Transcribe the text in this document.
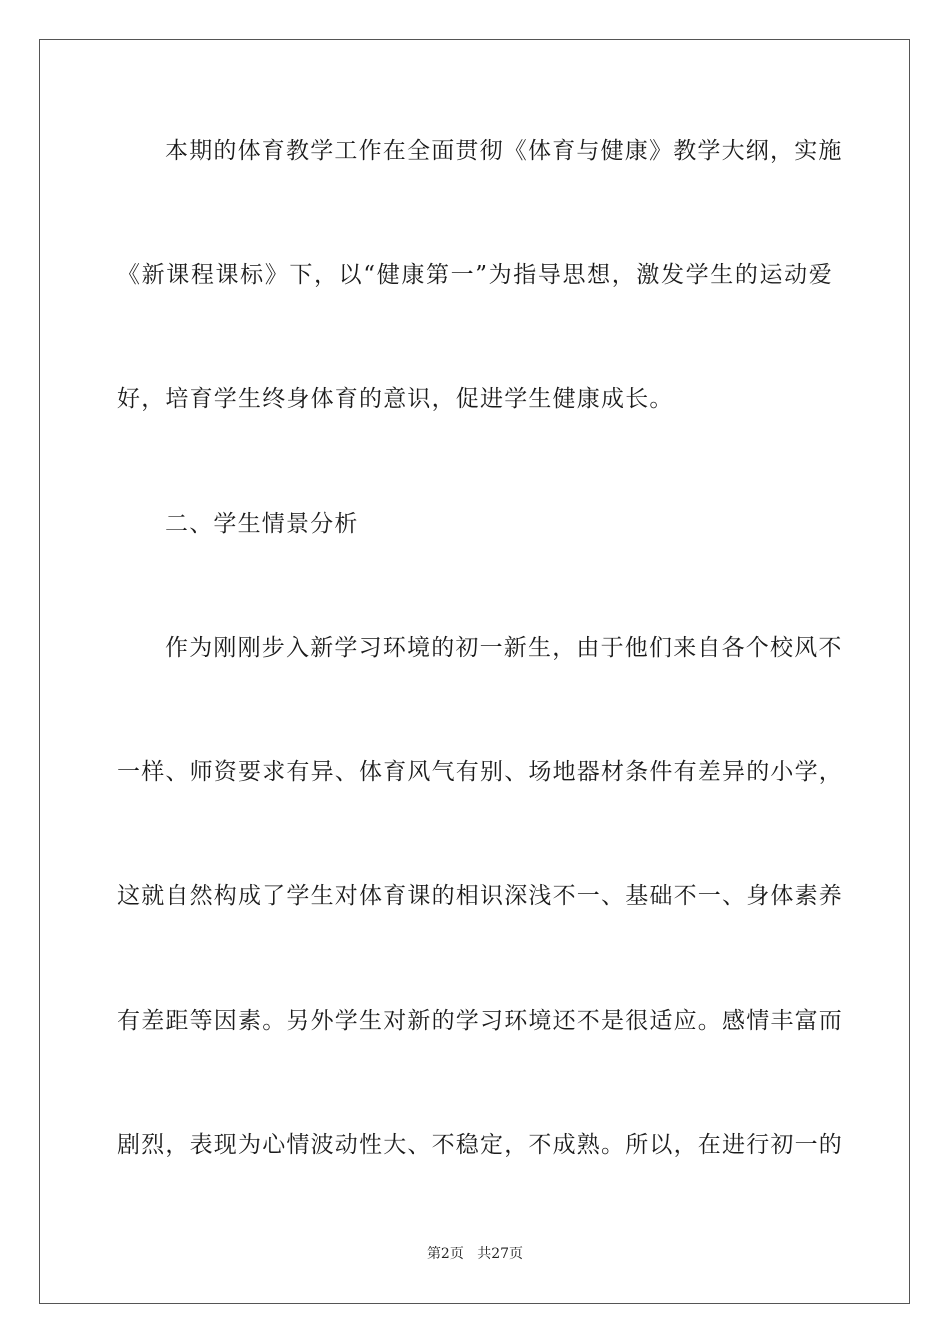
本期的体育教学工作在全面贯彻《体育与健康》教学大纲，实施
《新课程课标》下，以“健康第一”为指导思想，激发学生的运动爱
好，培育学生终身体育的意识，促进学生健康成长。
二、学生情景分析
作为刚刚步入新学习环境的初一新生，由于他们来自各个校风不
一样、师资要求有异、体育风气有别、场地器材条件有差异的小学，
这就自然构成了学生对体育课的相识深浅不一、基础不一、身体素养
有差距等因素。另外学生对新的学习环境还不是很适应。感情丰富而
剧烈，表现为心情波动性大、不稳定，不成熟。所以，在进行初一的
第2页 共27页
